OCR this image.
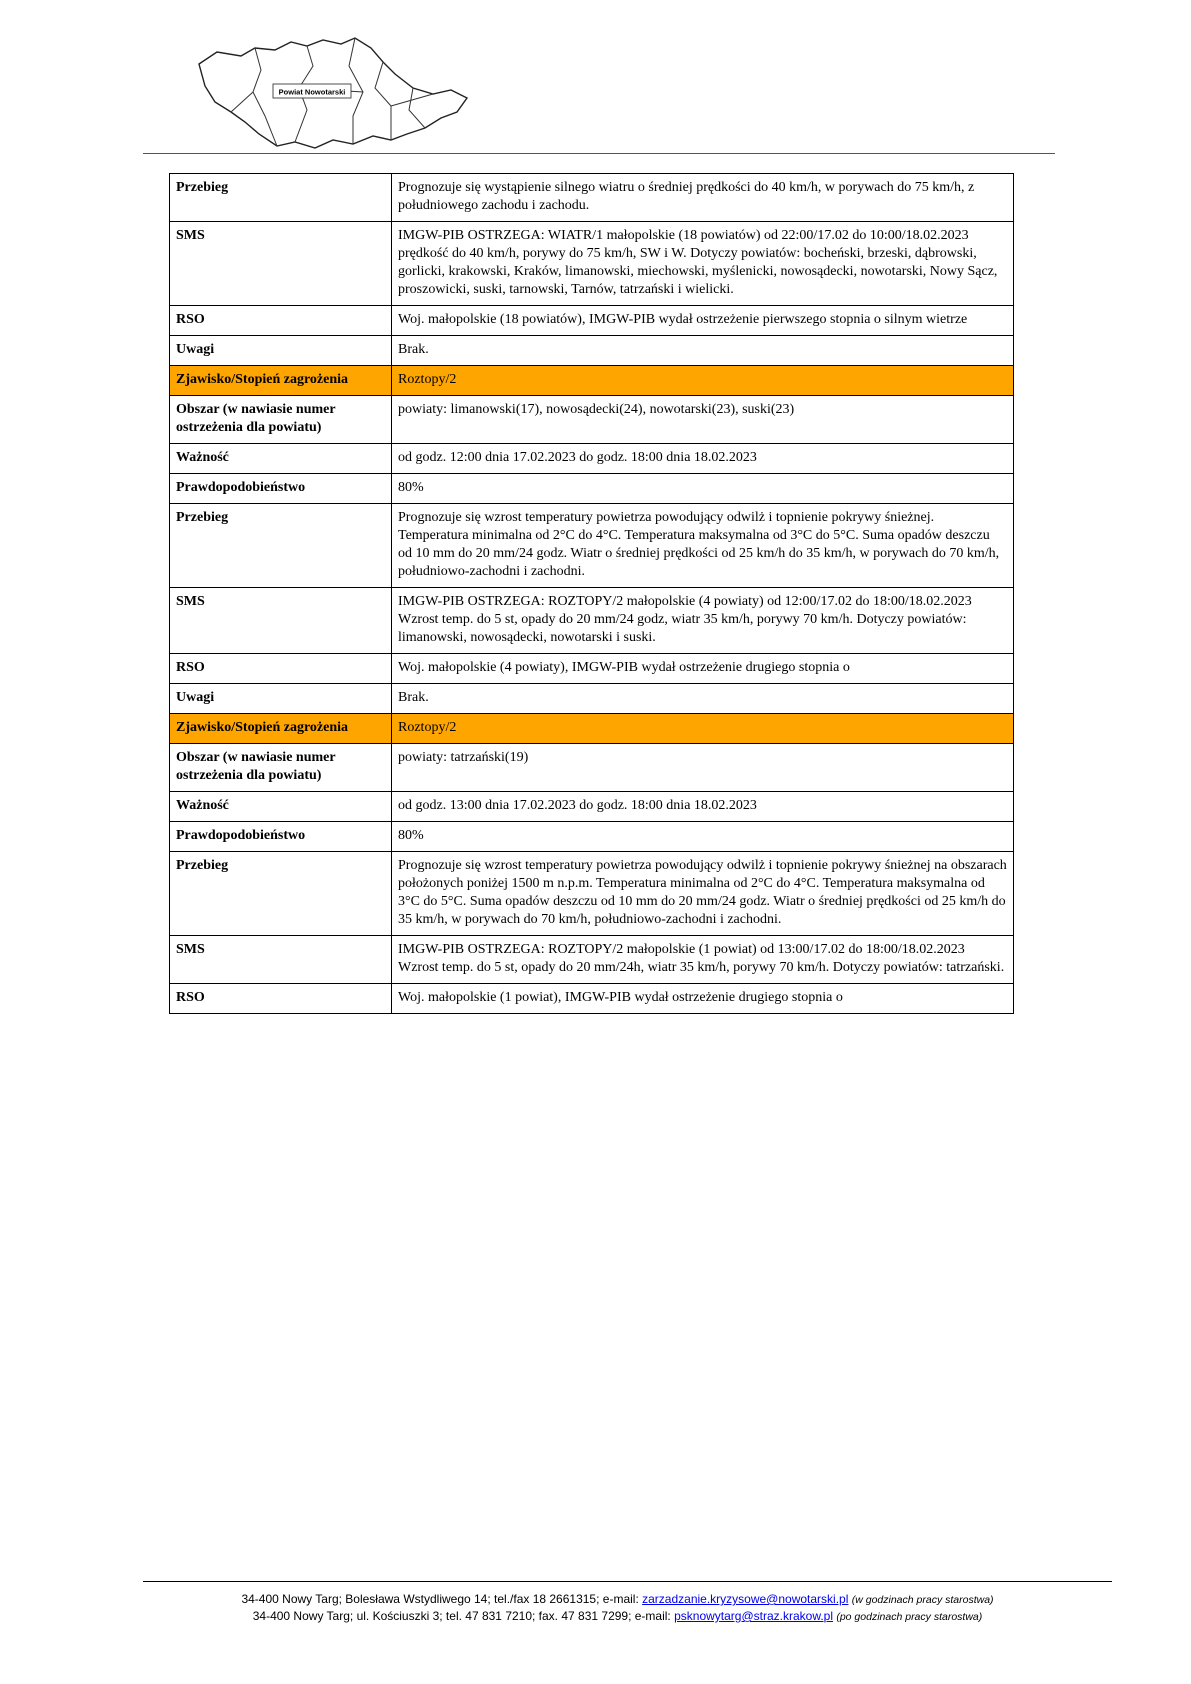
Powiat Nowotarski
Przebieg	Prognozuje się wystąpienie silnego wiatru o średniej prędkości do 40 km/h, w porywach do 75 km/h, z południowego zachodu i zachodu.
SMS	IMGW-PIB OSTRZEGA: WIATR/1 małopolskie (18 powiatów) od 22:00/17.02 do 10:00/18.02.2023 prędkość do 40 km/h, porywy do 75 km/h, SW i W. Dotyczy powiatów: bocheński, brzeski, dąbrowski, gorlicki, krakowski, Kraków, limanowski, miechowski, myślenicki, nowosądecki, nowotarski, Nowy Sącz, proszowicki, suski, tarnowski, Tarnów, tatrzański i wielicki.
RSO	Woj. małopolskie (18 powiatów), IMGW-PIB wydał ostrzeżenie pierwszego stopnia o silnym wietrze
Uwagi	Brak.
Zjawisko/Stopień zagrożenia	Roztopy/2
Obszar (w nawiasie numer ostrzeżenia dla powiatu)	powiaty: limanowski(17), nowosądecki(24), nowotarski(23), suski(23)
Ważność	od godz. 12:00 dnia 17.02.2023 do godz. 18:00 dnia 18.02.2023
Prawdopodobieństwo	80%
Przebieg	Prognozuje się wzrost temperatury powietrza powodujący odwilż i topnienie pokrywy śnieżnej. Temperatura minimalna od 2°C do 4°C. Temperatura maksymalna od 3°C do 5°C. Suma opadów deszczu od 10 mm do 20 mm/24 godz. Wiatr o średniej prędkości od 25 km/h do 35 km/h, w porywach do 70 km/h, południowo-zachodni i zachodni.
SMS	IMGW-PIB OSTRZEGA: ROZTOPY/2 małopolskie (4 powiaty) od 12:00/17.02 do 18:00/18.02.2023 Wzrost temp. do 5 st, opady do 20 mm/24 godz, wiatr 35 km/h, porywy 70 km/h. Dotyczy powiatów: limanowski, nowosądecki, nowotarski i suski.
RSO	Woj. małopolskie (4 powiaty), IMGW-PIB wydał ostrzeżenie drugiego stopnia o
Uwagi	Brak.
Zjawisko/Stopień zagrożenia	Roztopy/2
Obszar (w nawiasie numer ostrzeżenia dla powiatu)	powiaty: tatrzański(19)
Ważność	od godz. 13:00 dnia 17.02.2023 do godz. 18:00 dnia 18.02.2023
Prawdopodobieństwo	80%
Przebieg	Prognozuje się wzrost temperatury powietrza powodujący odwilż i topnienie pokrywy śnieżnej na obszarach położonych poniżej 1500 m n.p.m. Temperatura minimalna od 2°C do 4°C. Temperatura maksymalna od 3°C do 5°C. Suma opadów deszczu od 10 mm do 20 mm/24 godz. Wiatr o średniej prędkości od 25 km/h do 35 km/h, w porywach do 70 km/h, południowo-zachodni i zachodni.
SMS	IMGW-PIB OSTRZEGA: ROZTOPY/2 małopolskie (1 powiat) od 13:00/17.02 do 18:00/18.02.2023 Wzrost temp. do 5 st, opady do 20 mm/24h, wiatr 35 km/h, porywy 70 km/h. Dotyczy powiatów: tatrzański.
RSO	Woj. małopolskie (1 powiat), IMGW-PIB wydał ostrzeżenie drugiego stopnia o
34-400 Nowy Targ; Bolesława Wstydliwego 14; tel./fax 18 2661315; e-mail: zarzadzanie.kryzysowe@nowotarski.pl (w godzinach pracy starostwa)
34-400 Nowy Targ; ul. Kościuszki 3; tel. 47 831 7210; fax. 47 831 7299; e-mail: psknowytarg@straz.krakow.pl (po godzinach pracy starostwa)
